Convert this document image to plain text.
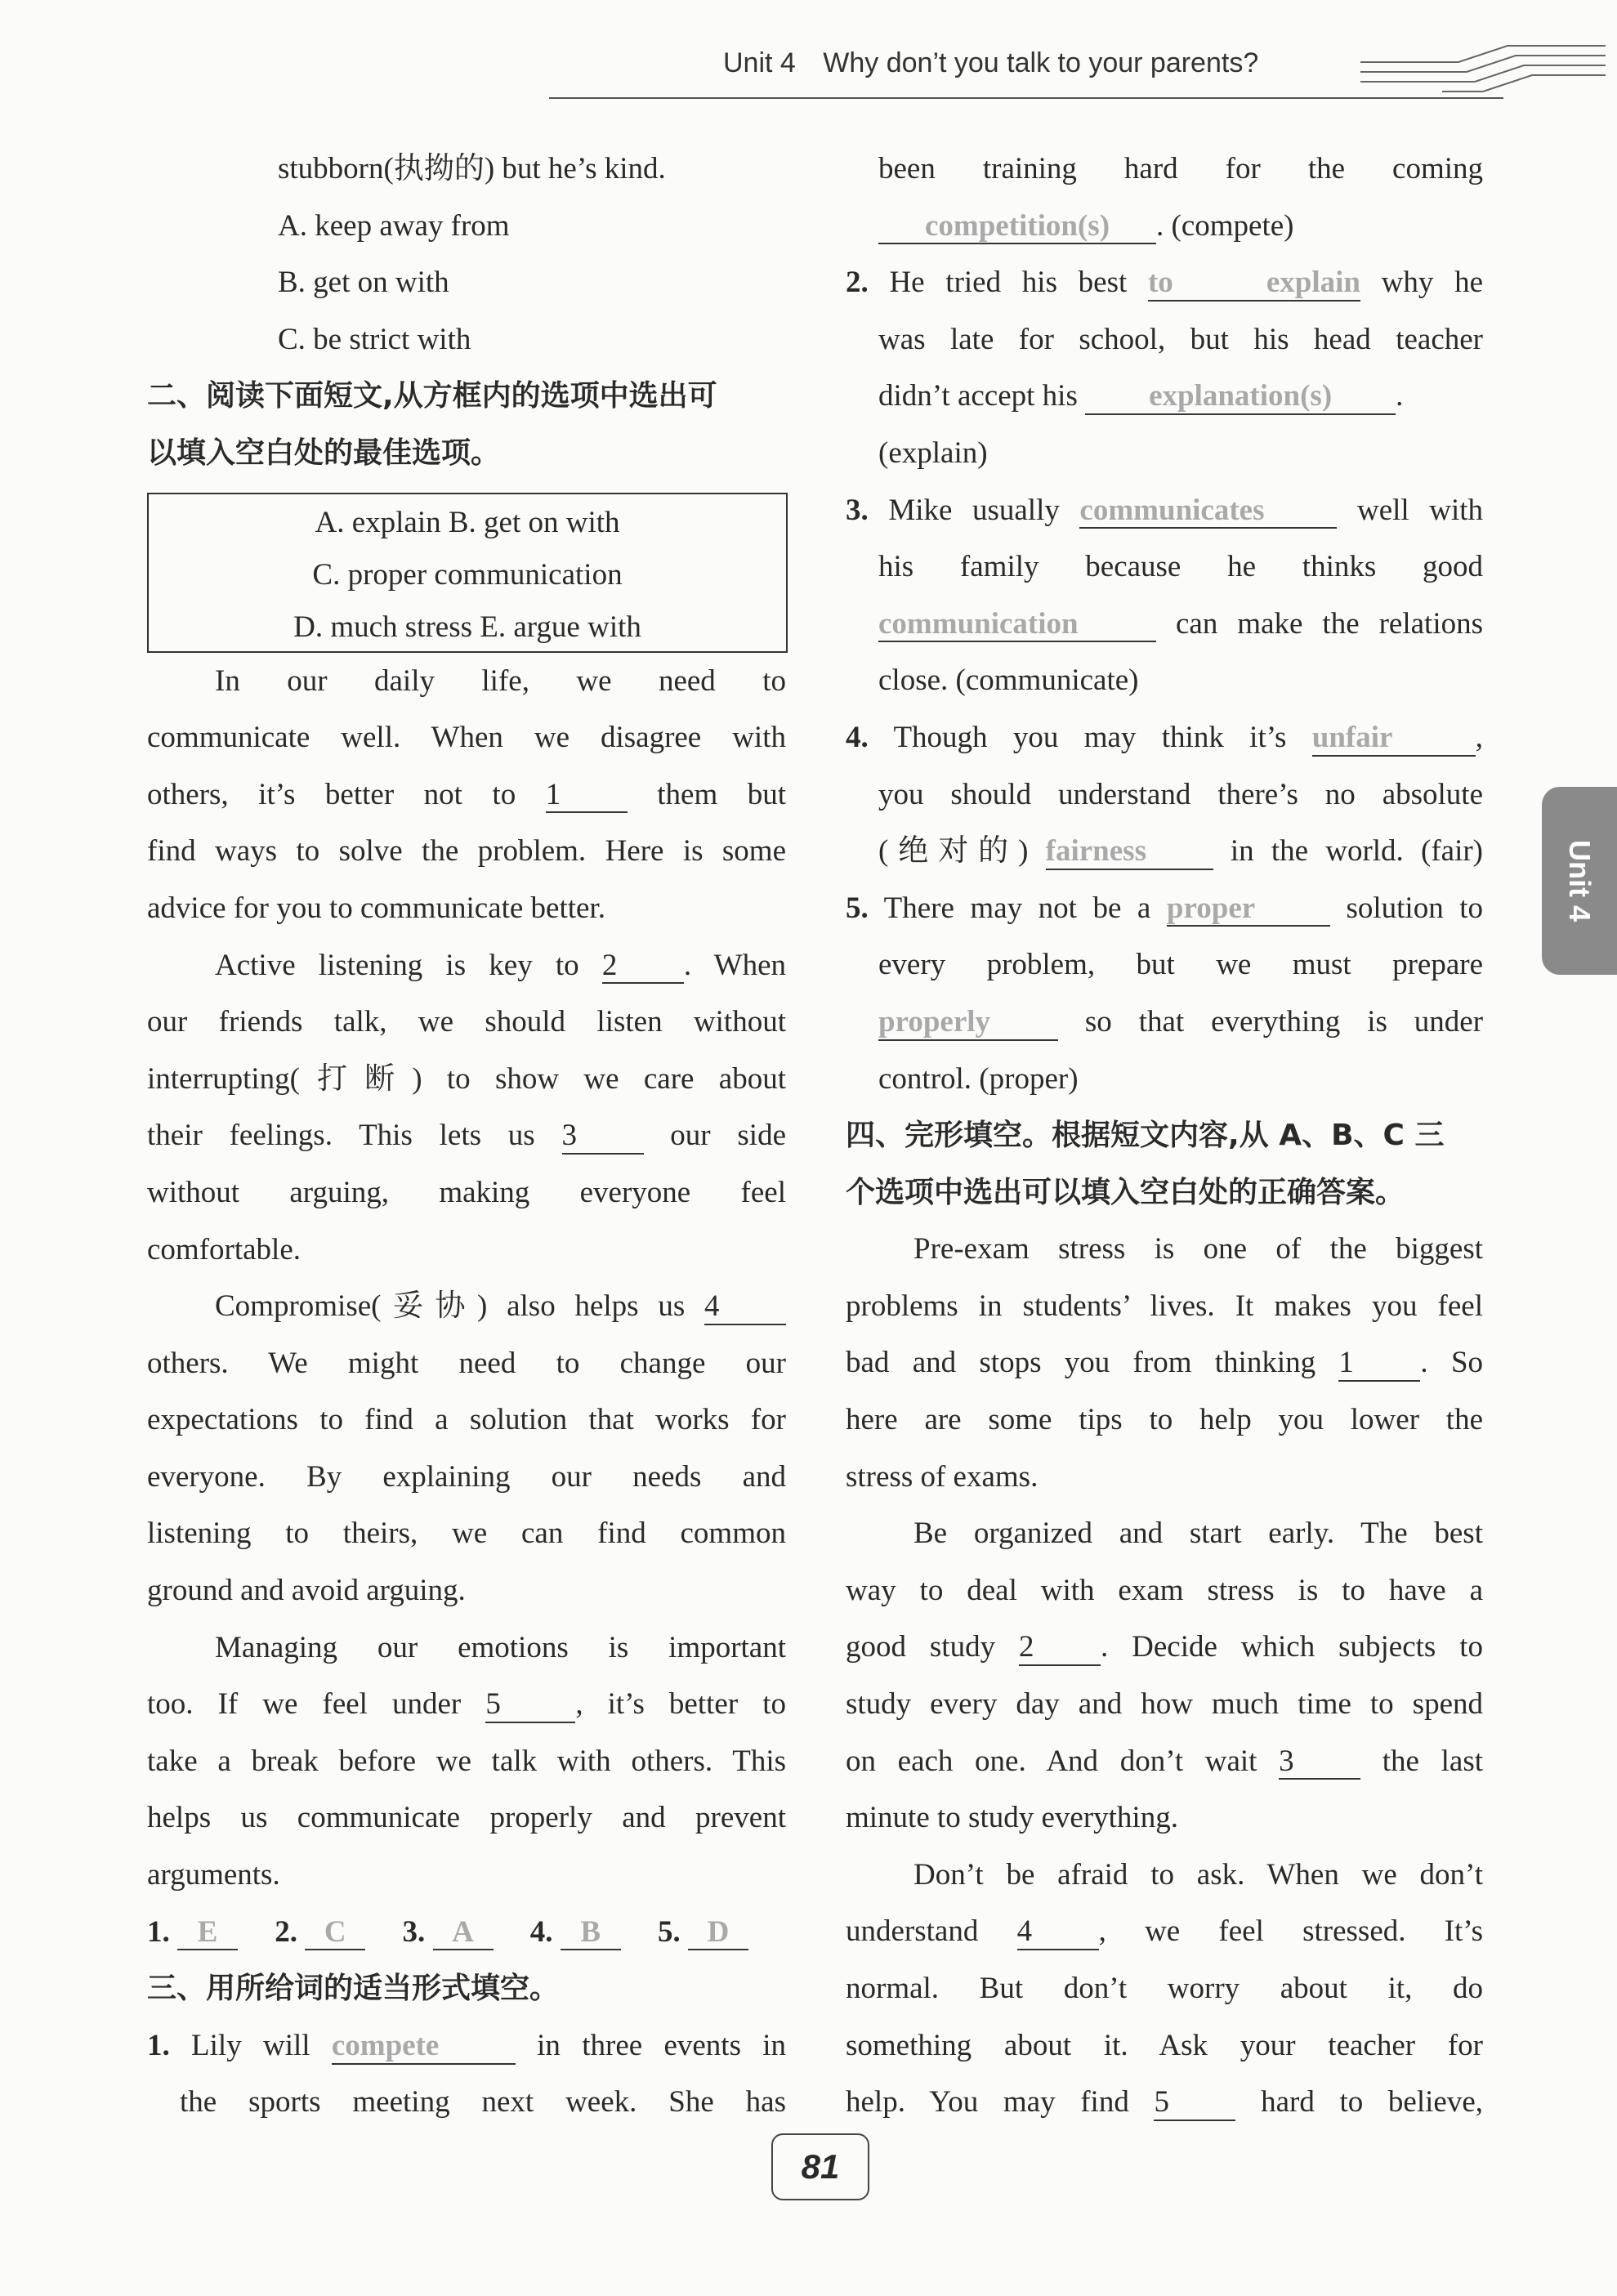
Unit 4 Why don’t you talk to your parents?
Unit 4
stubborn(执拗的) but he’s kind.
A. keep away from
B. get on with
C. be strict with
二、阅读下面短文,从方框内的选项中选出可
以填入空白处的最佳选项。
In our daily life, we need to
communicate well. When we disagree with
others, it’s better not to 1	them but
find ways to solve the problem. Here is some
advice for you to communicate better.
Active listening is key to 2 . When
our friends talk, we should listen without
interrupting(打断) to show we care about
their feelings. This lets us 3	our side
without arguing, making everyone feel
comfortable.
Compromise(妥协) also helps us 4
others. We might need to change our
expectations to find a solution that works for
everyone. By explaining our needs and
listening to theirs, we can find common
ground and avoid arguing.
Managing our emotions is important
too. If we feel under 5 , it’s better to
take a break before we talk with others. This
helps us communicate properly and prevent
arguments.
1. E 2. C 3. A 4. B 5. D
三、用所给词的适当形式填空。
1. Lily will compete	in three events in
the sports meeting next week. She has
A. explain B. get on with
C. proper communication
D. much stress E. argue with
been training hard for the coming
competition(s) . (compete)
2. He tried his best to explain why he
was late for school, but his head teacher
didn’t accept his explanation(s) .
(explain)
3. Mike usually communicates	well with
his family because he thinks good
communication	can make the relations
close. (communicate)
4. Though you may think it’s unfair	,
you should understand there’s no absolute
(绝对的) fairness	in the world. (fair)
5. There may not be a proper	solution to
every problem, but we must prepare
properly	so that everything is under
control. (proper)
四、完形填空。根据短文内容,从 A、B、C 三
个选项中选出可以填入空白处的正确答案。
Pre-exam stress is one of the biggest
problems in students’ lives. It makes you feel
bad and stops you from thinking 1 . So
here are some tips to help you lower the
stress of exams.
Be organized and start early. The best
way to deal with exam stress is to have a
good study 2 . Decide which subjects to
study every day and how much time to spend
on each one. And don’t wait 3	the last
minute to study everything.
Don’t be afraid to ask. When we don’t
understand 4 , we feel stressed. It’s
normal. But don’t worry about it, do
something about it. Ask your teacher for
help. You may find 5	hard to believe,
81
